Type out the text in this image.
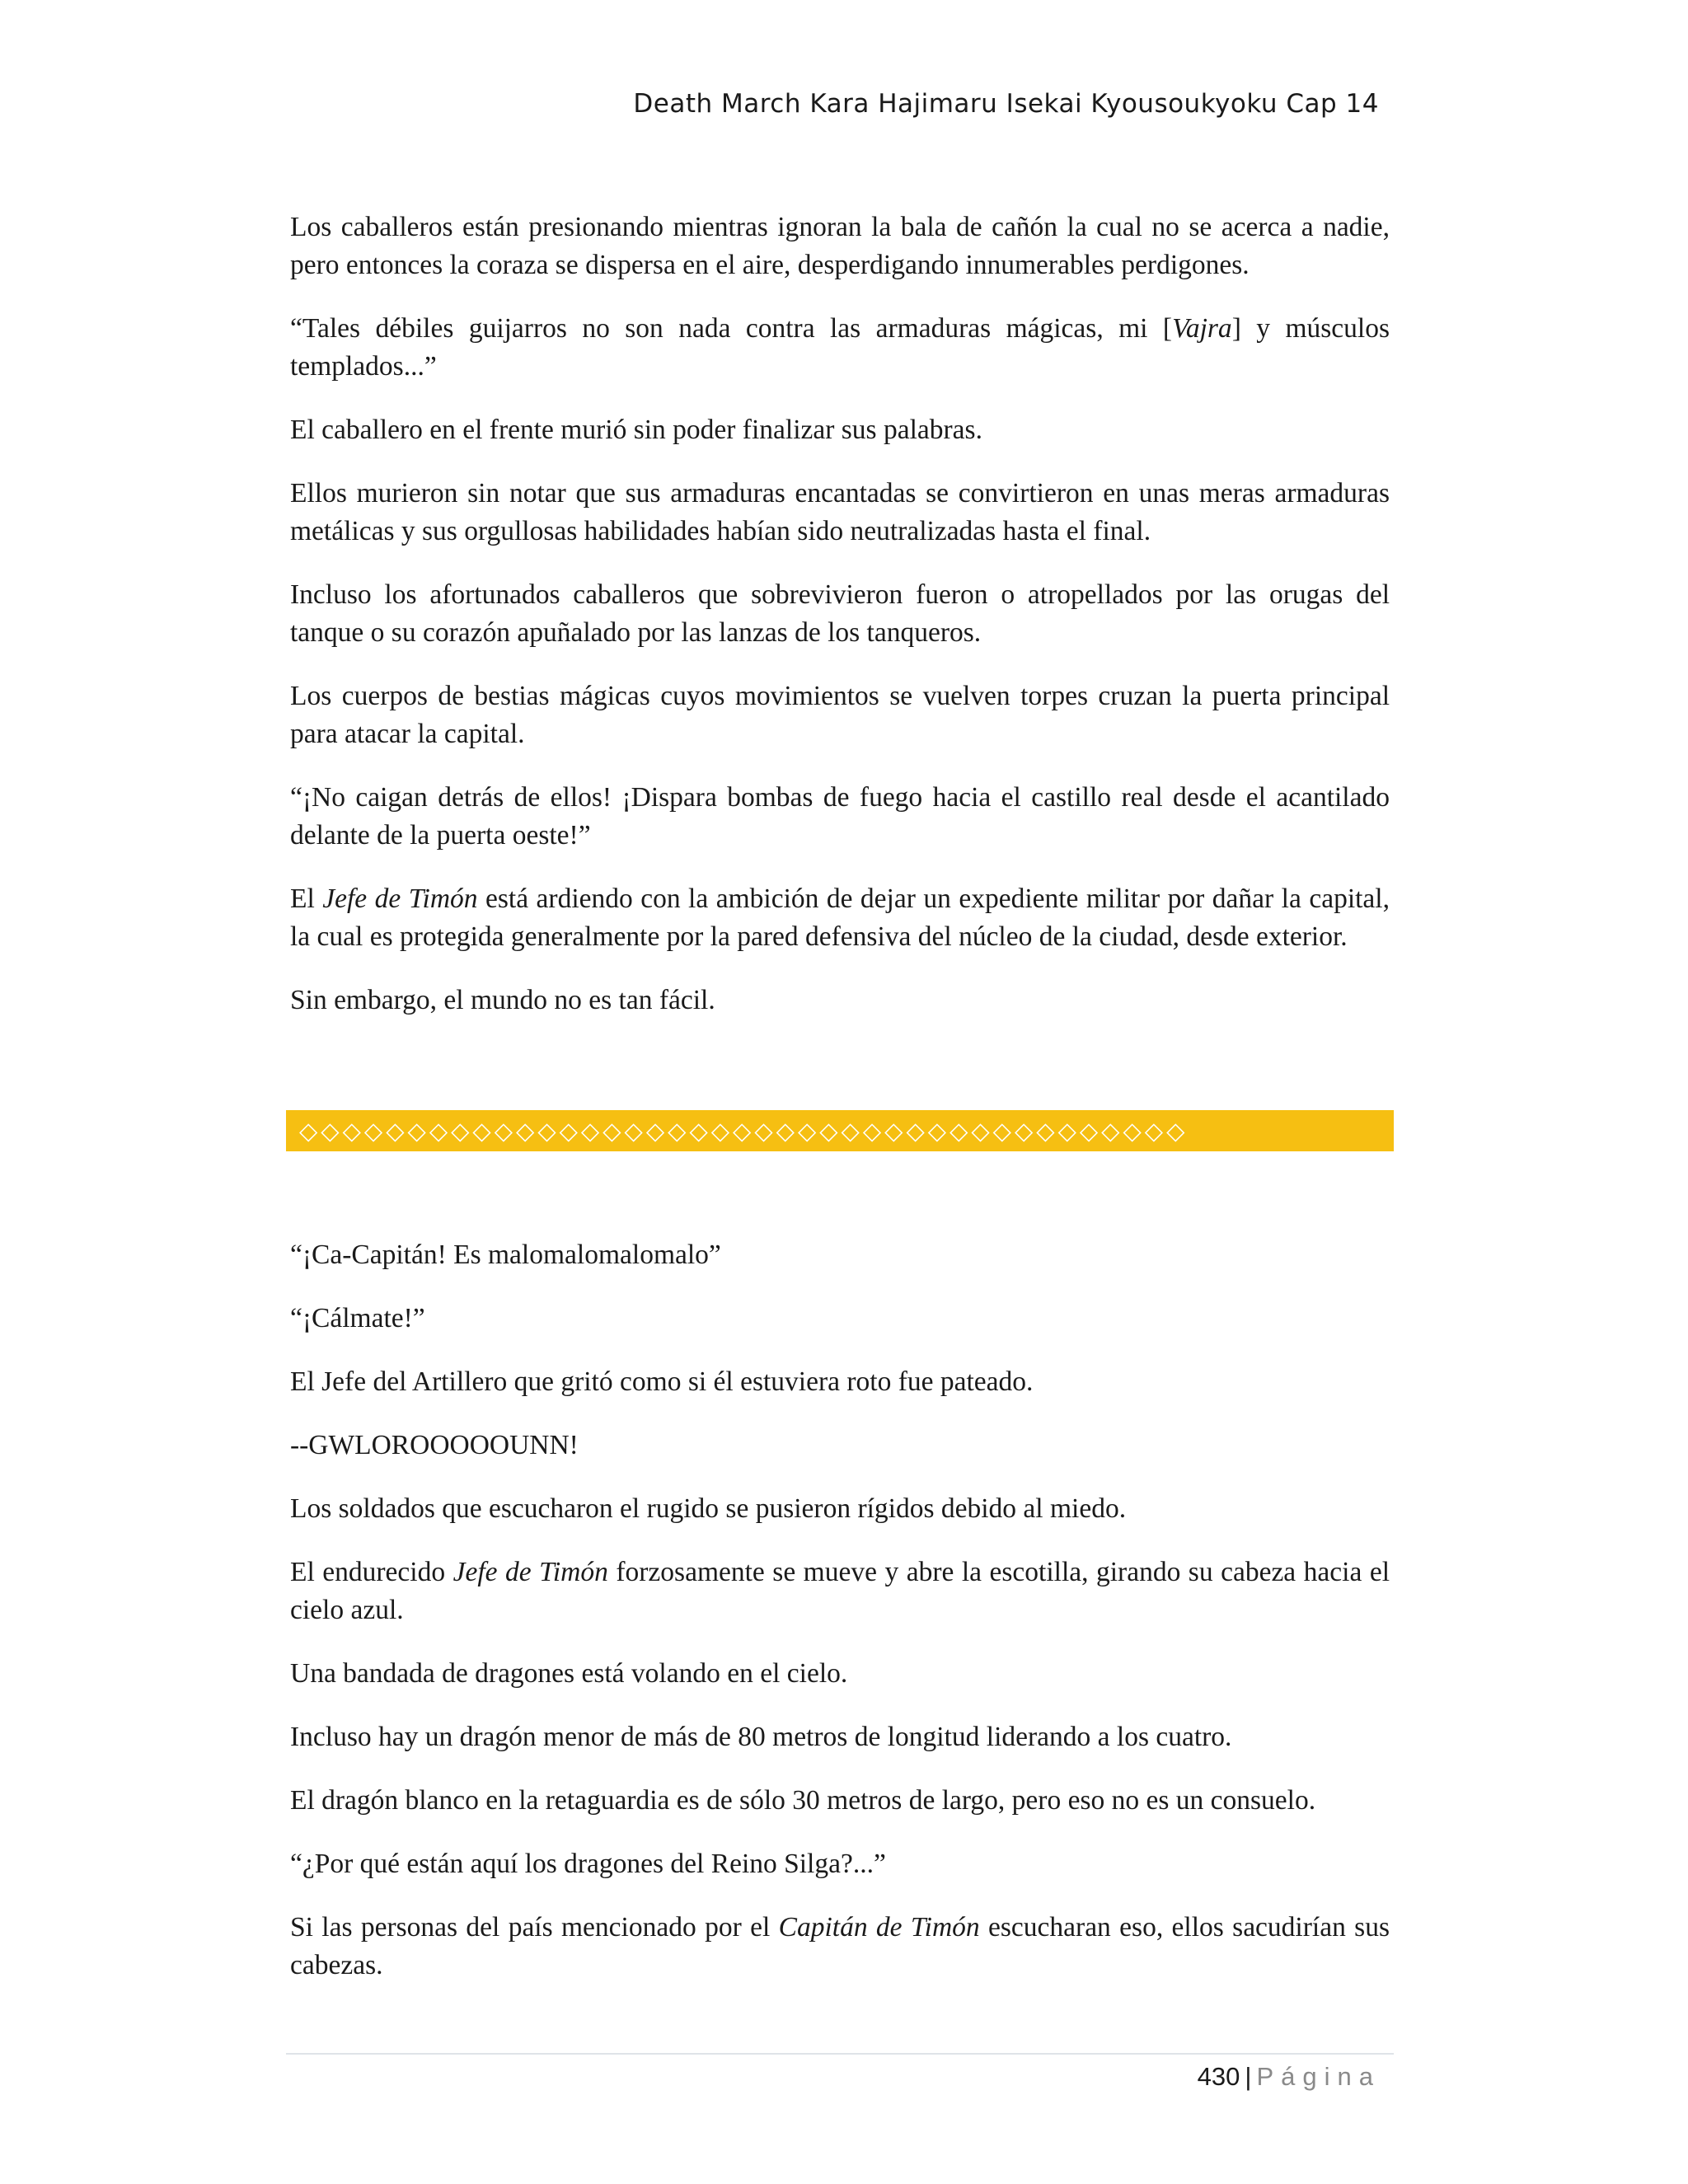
Death March Kara Hajimaru Isekai Kyousoukyoku Cap 14

Los caballeros están presionando mientras ignoran la bala de cañón la cual no se acerca a nadie, pero entonces la coraza se dispersa en el aire, desperdigando innumerables perdigones.

“Tales débiles guijarros no son nada contra las armaduras mágicas, mi [Vajra] y músculos templados...”

El caballero en el frente murió sin poder finalizar sus palabras.

Ellos murieron sin notar que sus armaduras encantadas se convirtieron en unas meras armaduras metálicas y sus orgullosas habilidades habían sido neutralizadas hasta el final.

Incluso los afortunados caballeros que sobrevivieron fueron o atropellados por las orugas del tanque o su corazón apuñalado por las lanzas de los tanqueros.

Los cuerpos de bestias mágicas cuyos movimientos se vuelven torpes cruzan la puerta principal para atacar la capital.

“¡No caigan detrás de ellos! ¡Dispara bombas de fuego hacia el castillo real desde el acantilado delante de la puerta oeste!”

El Jefe de Timón está ardiendo con la ambición de dejar un expediente militar por dañar la capital, la cual es protegida generalmente por la pared defensiva del núcleo de la ciudad, desde exterior.

Sin embargo, el mundo no es tan fácil.

◇◇◇◇◇◇◇◇◇◇◇◇◇◇◇◇◇◇◇◇◇◇◇◇◇◇◇◇◇◇◇◇◇◇◇◇◇◇◇◇◇

“¡Ca-Capitán! Es malomalomalomalo”

“¡Cálmate!”

El Jefe del Artillero que gritó como si él estuviera roto fue pateado.

--GWLOROOOOOUNN!

Los soldados que escucharon el rugido se pusieron rígidos debido al miedo.

El endurecido Jefe de Timón forzosamente se mueve y abre la escotilla, girando su cabeza hacia el cielo azul.

Una bandada de dragones está volando en el cielo.

Incluso hay un dragón menor de más de 80 metros de longitud liderando a los cuatro.

El dragón blanco en la retaguardia es de sólo 30 metros de largo, pero eso no es un consuelo.

“¿Por qué están aquí los dragones del Reino Silga?...”

Si las personas del país mencionado por el Capitán de Timón escucharan eso, ellos sacudirían sus cabezas.

430 | Página
